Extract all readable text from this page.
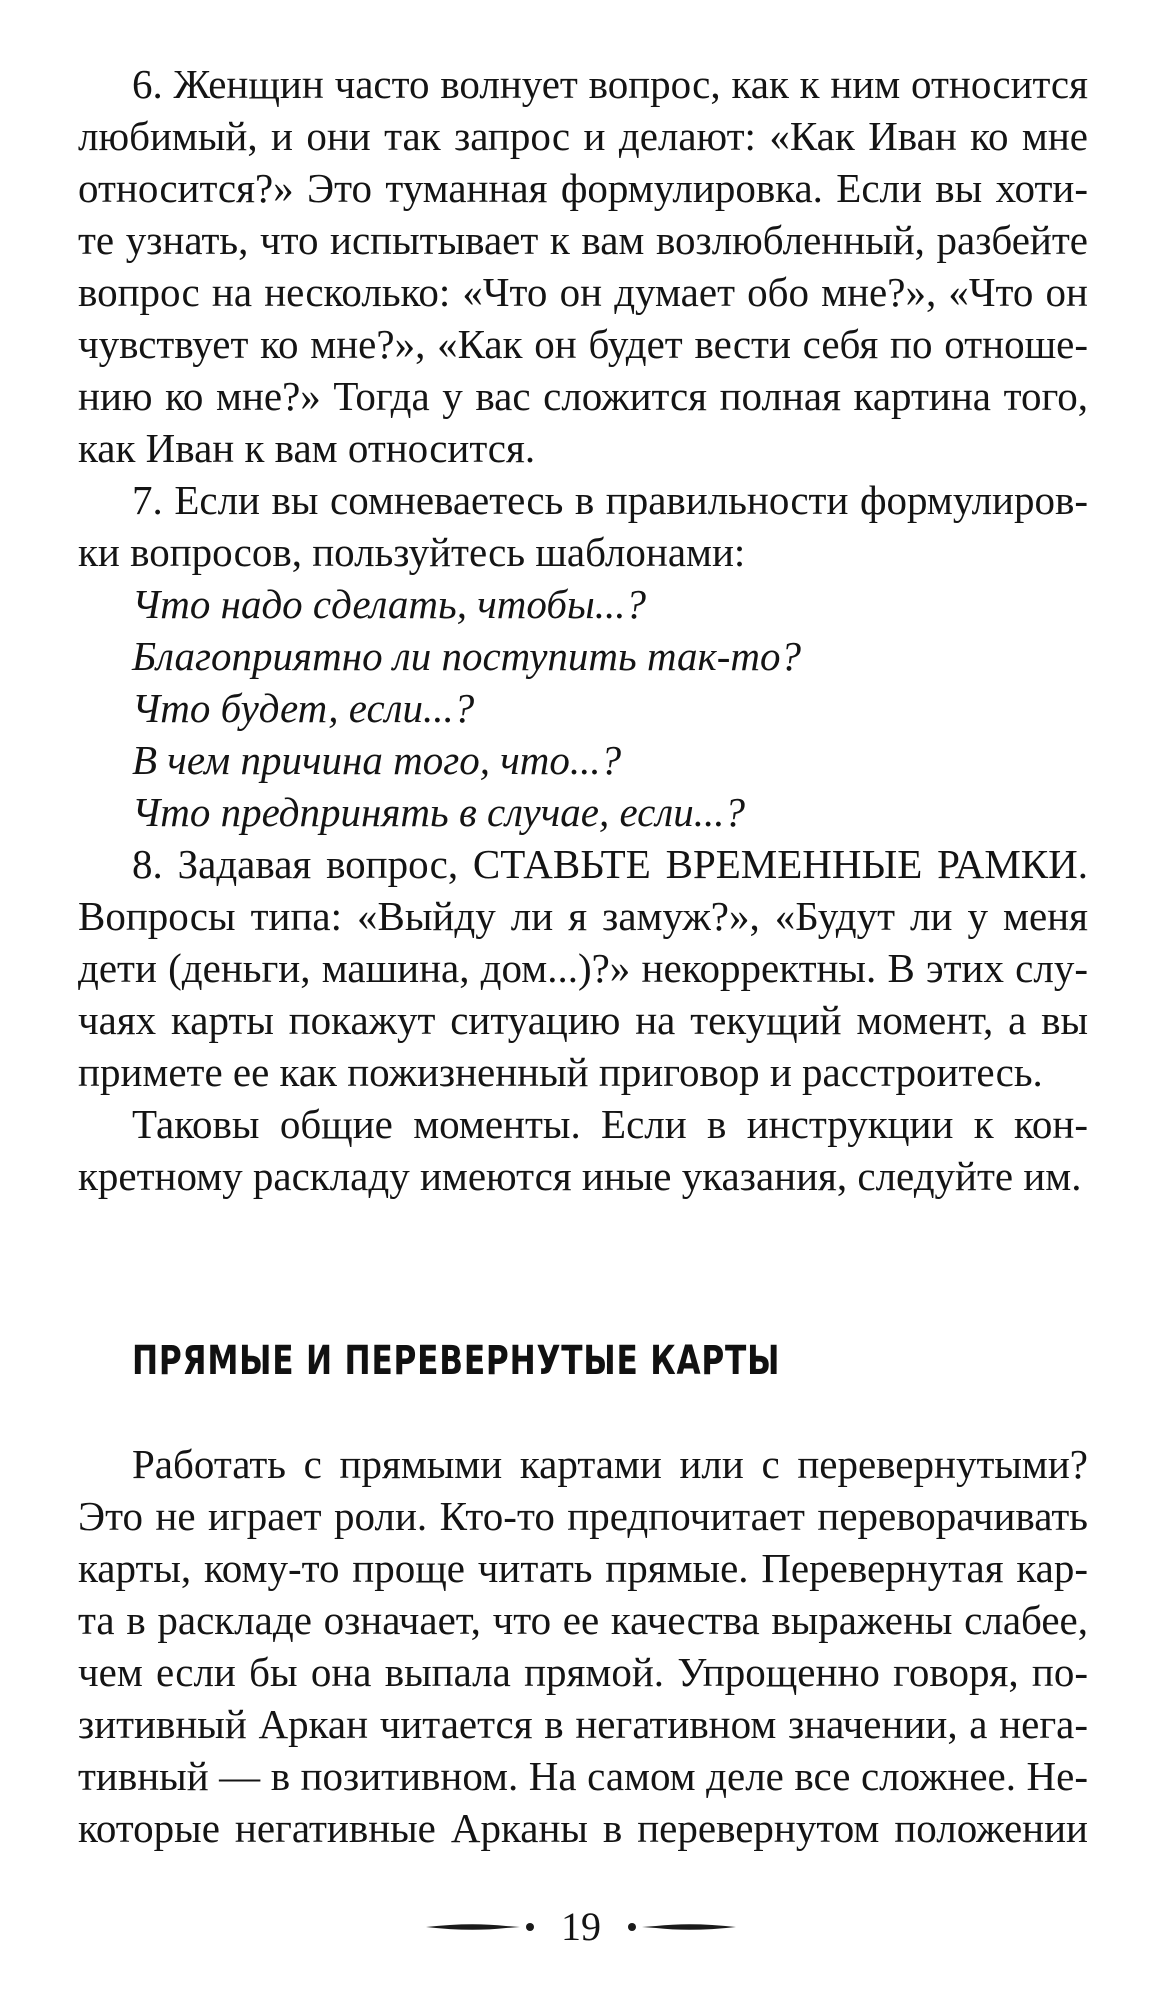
6. Женщин часто волнует вопрос, как к ним относится
любимый, и они так запрос и делают: «Как Иван ко мне
относится?» Это туманная формулировка. Если вы хоти-
те узнать, что испытывает к вам возлюбленный, разбейте
вопрос на несколько: «Что он думает обо мне?», «Что он
чувствует ко мне?», «Как он будет вести себя по отноше-
нию ко мне?» Тогда у вас сложится полная картина того,
как Иван к вам относится.
7. Если вы сомневаетесь в правильности формулиров-
ки вопросов, пользуйтесь шаблонами:
Что надо сделать, чтобы...?
Благоприятно ли поступить так-то?
Что будет, если...?
В чем причина того, что...?
Что предпринять в случае, если...?
8. Задавая вопрос, СТАВЬТЕ ВРЕМЕННЫЕ РАМКИ.
Вопросы типа: «Выйду ли я замуж?», «Будут ли у меня
дети (деньги, машина, дом...)?» некорректны. В этих слу-
чаях карты покажут ситуацию на текущий момент, а вы
примете ее как пожизненный приговор и расстроитесь.
Таковы общие моменты. Если в инструкции к кон-
кретному раскладу имеются иные указания, следуйте им.
ПРЯМЫЕ И ПЕРЕВЕРНУТЫЕ КАРТЫ
Работать с прямыми картами или с перевернутыми?
Это не играет роли. Кто-то предпочитает переворачивать
карты, кому-то проще читать прямые. Перевернутая кар-
та в раскладе означает, что ее качества выражены слабее,
чем если бы она выпала прямой. Упрощенно говоря, по-
зитивный Аркан читается в негативном значении, а нега-
тивный — в позитивном. На самом деле все сложнее. Не-
которые негативные Арканы в перевернутом положении
19
